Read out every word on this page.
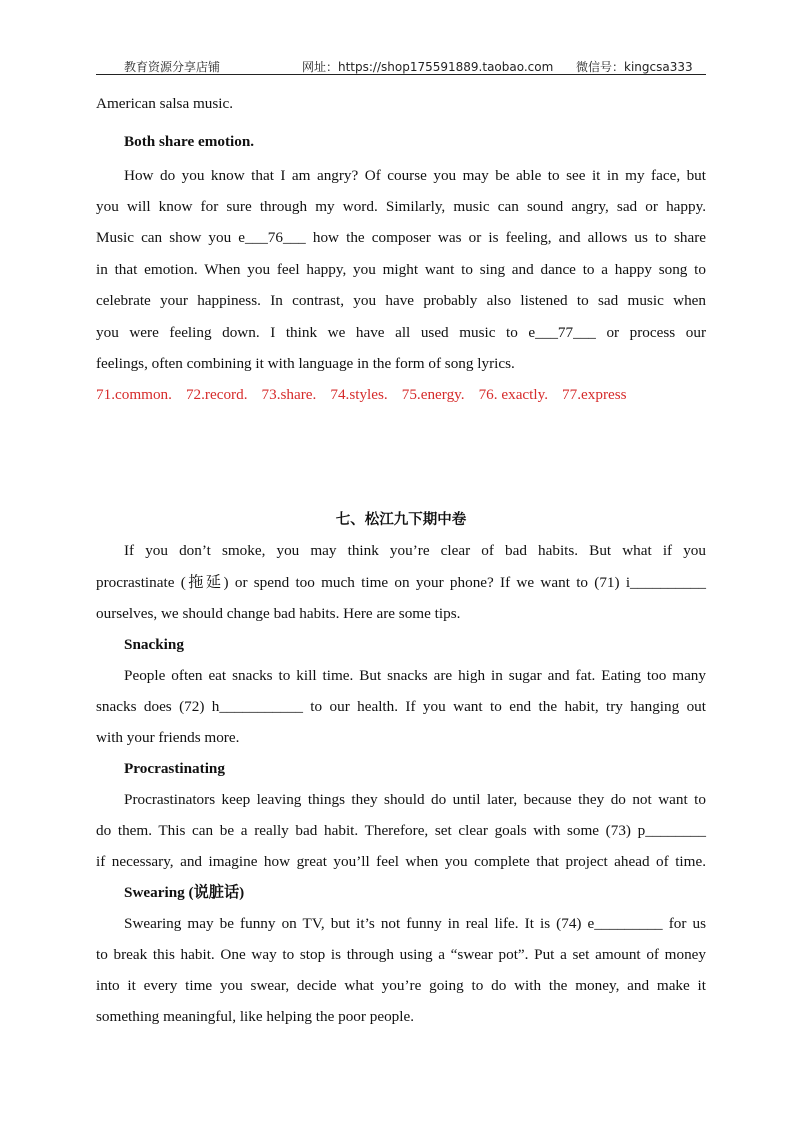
教育资源分享店铺	网址：https://shop175591889.taobao.com 微信号：kingcsa333
American salsa music.
Both share emotion.
How do you know that I am angry? Of course you may be able to see it in my face, but
you will know for sure through my word. Similarly, music can sound angry, sad or happy.
Music can show you e___76___ how the composer was or is feeling, and allows us to share
in that emotion. When you feel happy, you might want to sing and dance to a happy song to
celebrate your happiness. In contrast, you have probably also listened to sad music when
you were feeling down. I think we have all used music to e___77___ or process our
feelings, often combining it with language in the form of song lyrics.
71.common. 72.record. 73.share. 74.styles. 75.energy. 76. exactly. 77.express
七、松江九下期中卷
If you don’t smoke, you may think you’re clear of bad habits. But what if you
procrastinate (拖延) or spend too much time on your phone? If we want to (71) i__________
ourselves, we should change bad habits. Here are some tips.
Snacking
People often eat snacks to kill time. But snacks are high in sugar and fat. Eating too many
snacks does (72) h___________ to our health. If you want to end the habit, try hanging out
with your friends more.
Procrastinating
Procrastinators keep leaving things they should do until later, because they do not want to
do them. This can be a really bad habit. Therefore, set clear goals with some (73) p________
if necessary, and imagine how great you’ll feel when you complete that project ahead of time.
Swearing (说脏话)
Swearing may be funny on TV, but it’s not funny in real life. It is (74) e_________ for us
to break this habit. One way to stop is through using a “swear pot”. Put a set amount of money
into it every time you swear, decide what you’re going to do with the money, and make it
something meaningful, like helping the poor people.
